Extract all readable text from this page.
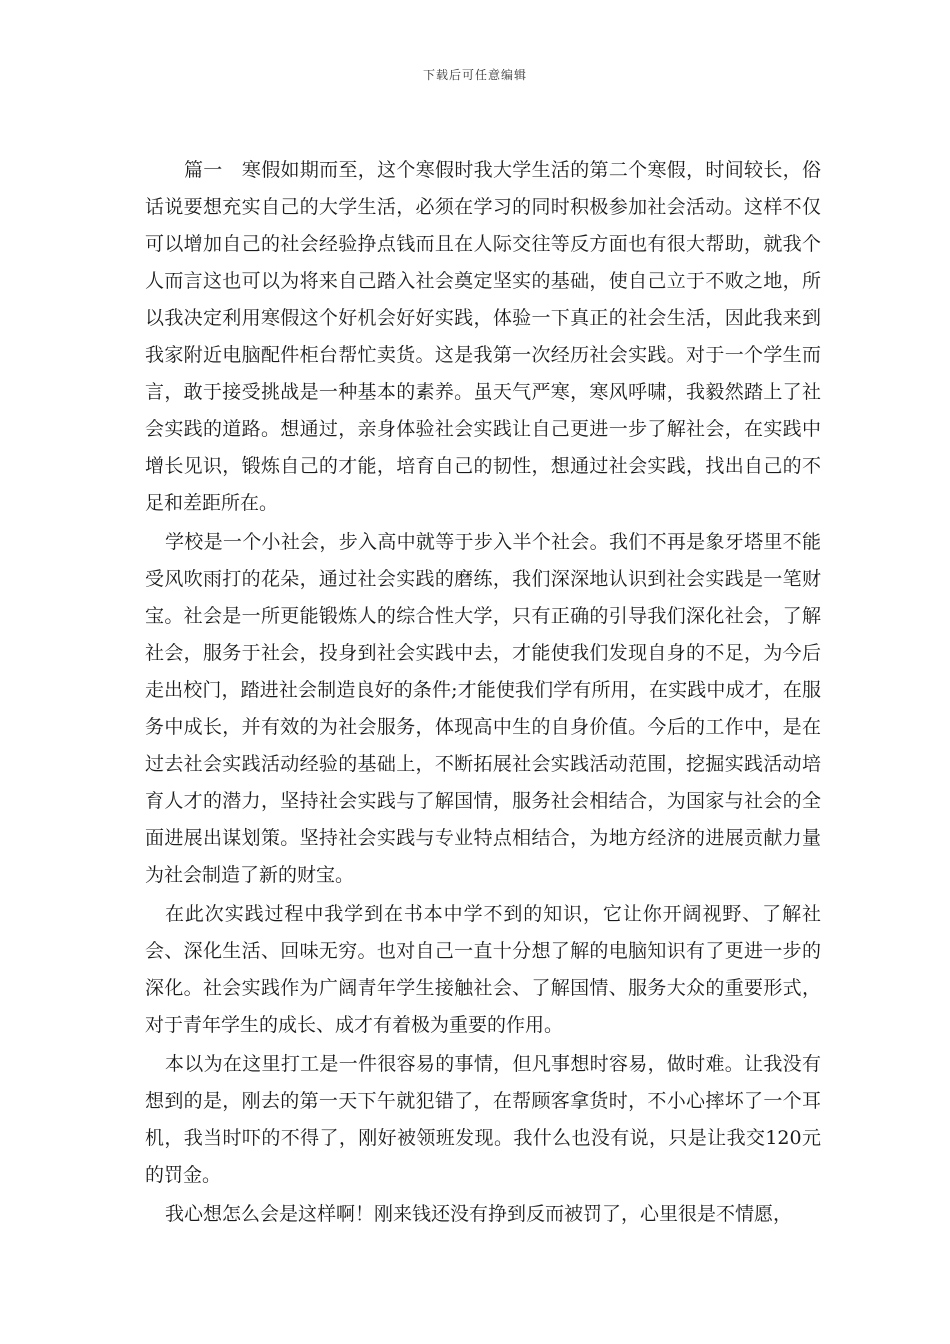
下载后可任意编辑

篇一　寒假如期而至，这个寒假时我大学生活的第二个寒假，时间较长，俗话说要想充实自己的大学生活，必须在学习的同时积极参加社会活动。这样不仅可以增加自己的社会经验挣点钱而且在人际交往等反方面也有很大帮助，就我个人而言这也可以为将来自己踏入社会奠定坚实的基础，使自己立于不败之地，所以我决定利用寒假这个好机会好好实践，体验一下真正的社会生活，因此我来到我家附近电脑配件柜台帮忙卖货。这是我第一次经历社会实践。对于一个学生而言，敢于接受挑战是一种基本的素养。虽天气严寒，寒风呼啸，我毅然踏上了社会实践的道路。想通过，亲身体验社会实践让自己更进一步了解社会，在实践中增长见识，锻炼自己的才能，培育自己的韧性，想通过社会实践，找出自己的不足和差距所在。

学校是一个小社会，步入高中就等于步入半个社会。我们不再是象牙塔里不能受风吹雨打的花朵，通过社会实践的磨练，我们深深地认识到社会实践是一笔财宝。社会是一所更能锻炼人的综合性大学，只有正确的引导我们深化社会，了解社会，服务于社会，投身到社会实践中去，才能使我们发现自身的不足，为今后走出校门，踏进社会制造良好的条件;才能使我们学有所用，在实践中成才，在服务中成长，并有效的为社会服务，体现高中生的自身价值。今后的工作中，是在过去社会实践活动经验的基础上，不断拓展社会实践活动范围，挖掘实践活动培育人才的潜力，坚持社会实践与了解国情，服务社会相结合，为国家与社会的全面进展出谋划策。坚持社会实践与专业特点相结合，为地方经济的进展贡献力量为社会制造了新的财宝。

在此次实践过程中我学到在书本中学不到的知识，它让你开阔视野、了解社会、深化生活、回味无穷。也对自己一直十分想了解的电脑知识有了更进一步的深化。社会实践作为广阔青年学生接触社会、了解国情、服务大众的重要形式，对于青年学生的成长、成才有着极为重要的作用。

本以为在这里打工是一件很容易的事情，但凡事想时容易，做时难。让我没有想到的是，刚去的第一天下午就犯错了，在帮顾客拿货时，不小心摔坏了一个耳机，我当时吓的不得了，刚好被领班发现。我什么也没有说，只是让我交120元的罚金。

我心想怎么会是这样啊！刚来钱还没有挣到反而被罚了，心里很是不情愿，
